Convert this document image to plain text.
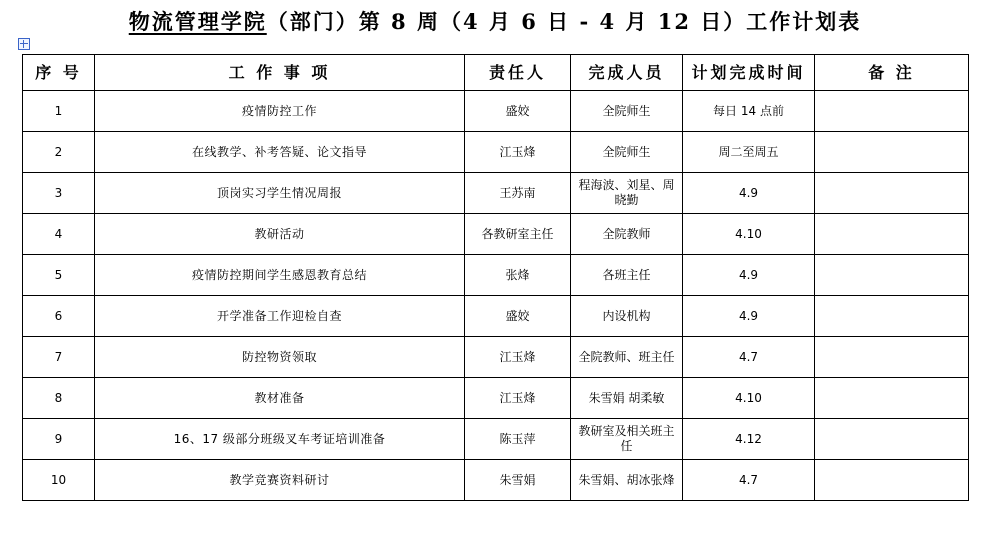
物流管理学院（部门）第 8 周（4 月 6 日 - 4 月 12 日）工作计划表
序 号	工 作 事 项	责任人	完成人员	计划完成时间	备 注
1	疫情防控工作	盛姣	全院师生	每日 14 点前	
2	在线教学、补考答疑、论文指导	江玉烽	全院师生	周二至周五	
3	顶岗实习学生情况周报	王苏南	程海波、刘星、周晓勤	4.9	
4	教研活动	各教研室主任	全院教师	4.10	
5	疫情防控期间学生感恩教育总结	张烽	各班主任	4.9	
6	开学准备工作迎检自查	盛姣	内设机构	4.9	
7	防控物资领取	江玉烽	全院教师、班主任	4.7	
8	教材准备	江玉烽	朱雪娟 胡柔敏	4.10	
9	16、17 级部分班级叉车考证培训准备	陈玉萍	教研室及相关班主任	4.12	
10	教学竞赛资料研讨	朱雪娟	朱雪娟、胡冰张烽	4.7	
